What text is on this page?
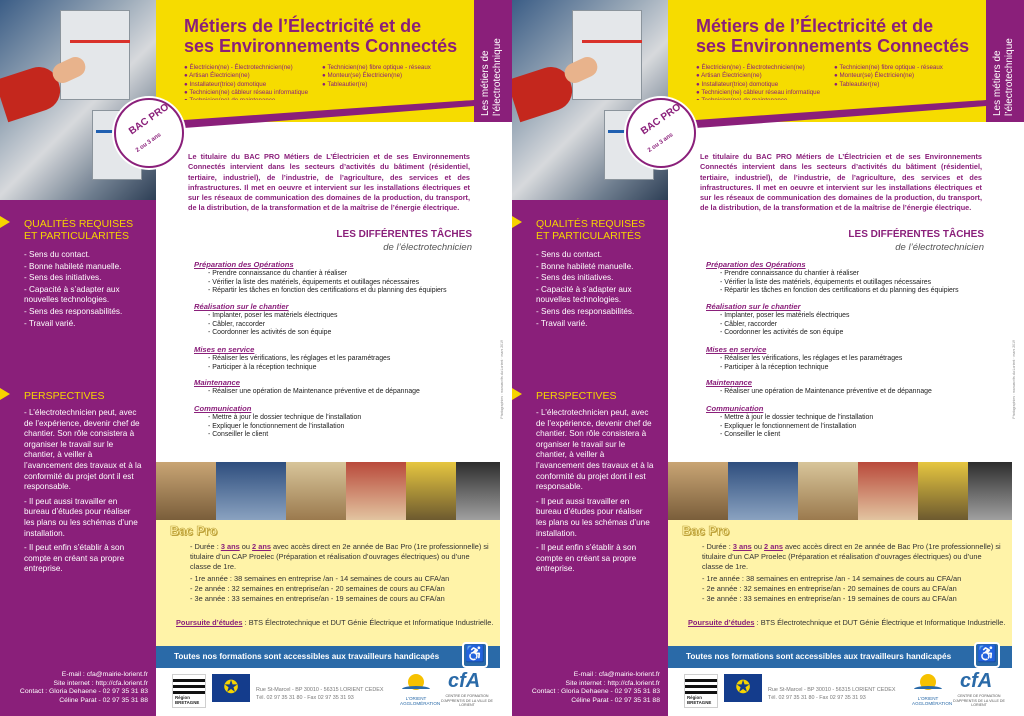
QUALITÉS REQUISES
ET PARTICULARITÉS
- Sens du contact.
- Bonne habileté manuelle.
- Sens des initiatives.
- Capacité à s’adapter aux nouvelles technologies.
- Sens des responsabilités.
- Travail varié.
PERSPECTIVES
- L’électrotechnicien peut, avec de l’expérience, devenir chef de chantier. Son rôle consistera à organiser le travail sur le chantier, à veiller à l’avancement des travaux et à la conformité du projet dont il est responsable.
- Il peut aussi travailler en bureau d’études pour réaliser les plans ou les schémas d’une installation.
- Il peut enfin s’établir à son compte en créant sa propre entreprise.
E-mail : cfa@mairie-lorient.fr
Site internet : http://cfa.lorient.fr
Contact : Gloria Dehaene - 02 97 35 31 83
Céline Parat - 02 97 35 31 88
Métiers de l’Électricité et de
ses Environnements Connectés
● Électricien(ne) - Électrotechnicien(ne)
● Artisan Électricien(ne)
● Installateur(trice) domotique
● Technicien(ne) câbleur réseau informatique
●
● Technicien(ne) fibre optique - réseaux
● Monteur(se) Électricien(ne)
● Tableautier(re)	Les métiers de l’électrotechnique
BAC PRO
2 ou 3 ans

Le titulaire du BAC PRO Métiers de L’Électricien et de ses Environnements Connectés intervient dans les secteurs d’activités du bâtiment (résidentiel, tertiaire, industriel), de l’industrie, de l’agriculture, des services et des infrastructures. Il met en oeuvre et intervient sur les installations électriques et sur les réseaux de communication des domaines de la production, du transport, de la distribution, de la transformation et de la maîtrise de l’énergie électrique.

LES DIFFÉRENTES TÂCHES
de l’électrotechnicien
Préparation des Opérations
- Prendre connaissance du chantier à réaliser
- Vérifier la liste des matériels, équipements et outillages nécessaires
- Répartir les tâches en fonction des certifications et du planning des équipiers
Réalisation sur le chantier
- Implanter, poser les matériels électriques
- Câbler, raccorder
- Coordonner les activités de son équipe
Mises en service
- Réaliser les vérifications, les réglages et les paramétrages
- Participer à la réception technique
Maintenance
- Réaliser une opération de Maintenance préventive et de dépannage
Communication
- Mettre à jour le dossier technique de l’installation
- Expliquer le fonctionnement de l’installation
- Conseiller le client
Photographies : manuscrits du Lorient · mars 2019
Bac Pro
- Durée : 3 ans ou 2 ans avec accès direct en 2e année de Bac Pro (1re professionnelle) si titulaire d’un CAP Proelec (Préparation et réalisation d’ouvrages électriques) ou d’une classe de 1re.
- 1re année : 38 semaines en entreprise /an - 14 semaines de cours au CFA/an
- 2e année : 32 semaines en entreprise/an - 20 semaines de cours au CFA/an
- 3e année : 33 semaines en entreprise/an - 19 semaines de cours au CFA/an
Poursuite d’études : BTS Électrotechnique et DUT Génie Électrique et Informatique Industrielle.
Toutes nos formations sont accessibles aux travailleurs handicapés	♿
Région BRETAGNE
✪	Rue St-Marcel - BP 30010 - 56315 LORIENT CEDEX
Tél. 02 97 35 31 80 - Fax 02 97 35 31 93	L’ORIENT AGGLOMÉRATION
cfA
CENTRE DE FORMATION D’APPRENTIS DE LA VILLE DE LORIENT
QUALITÉS REQUISES
ET PARTICULARITÉS
- Sens du contact.
- Bonne habileté manuelle.
- Sens des initiatives.
- Capacité à s’adapter aux nouvelles technologies.
- Sens des responsabilités.
- Travail varié.
PERSPECTIVES
- L’électrotechnicien peut, avec de l’expérience, devenir chef de chantier. Son rôle consistera à organiser le travail sur le chantier, à veiller à l’avancement des travaux et à la conformité du projet dont il est responsable.
- Il peut aussi travailler en bureau d’études pour réaliser les plans ou les schémas d’une installation.
- Il peut enfin s’établir à son compte en créant sa propre entreprise.
E-mail : cfa@mairie-lorient.fr
Site internet : http://cfa.lorient.fr
Contact : Gloria Dehaene - 02 97 35 31 83
Céline Parat - 02 97 35 31 88
Métiers de l’Électricité et de
ses Environnements Connectés
● Électricien(ne) - Électrotechnicien(ne)
● Artisan Électricien(ne)
● Installateur(trice) domotique
● Technicien(ne) câbleur réseau informatique
●
● Technicien(ne) fibre optique - réseaux
● Monteur(se) Électricien(ne)
● Tableautier(re)	Les métiers de l’électrotechnique
BAC PRO
2 ou 3 ans

Le titulaire du BAC PRO Métiers de L’Électricien et de ses Environnements Connectés intervient dans les secteurs d’activités du bâtiment (résidentiel, tertiaire, industriel), de l’industrie, de l’agriculture, des services et des infrastructures. Il met en oeuvre et intervient sur les installations électriques et sur les réseaux de communication des domaines de la production, du transport, de la distribution, de la transformation et de la maîtrise de l’énergie électrique.

LES DIFFÉRENTES TÂCHES
de l’électrotechnicien
Préparation des Opérations
- Prendre connaissance du chantier à réaliser
- Vérifier la liste des matériels, équipements et outillages nécessaires
- Répartir les tâches en fonction des certifications et du planning des équipiers
Réalisation sur le chantier
- Implanter, poser les matériels électriques
- Câbler, raccorder
- Coordonner les activités de son équipe
Mises en service
- Réaliser les vérifications, les réglages et les paramétrages
- Participer à la réception technique
Maintenance
- Réaliser une opération de Maintenance préventive et de dépannage
Communication
- Mettre à jour le dossier technique de l’installation
- Expliquer le fonctionnement de l’installation
- Conseiller le client
Photographies : manuscrits du Lorient · mars 2019
Bac Pro
- Durée : 3 ans ou 2 ans avec accès direct en 2e année de Bac Pro (1re professionnelle) si titulaire d’un CAP Proelec (Préparation et réalisation d’ouvrages électriques) ou d’une classe de 1re.
- 1re année : 38 semaines en entreprise /an - 14 semaines de cours au CFA/an
- 2e année : 32 semaines en entreprise/an - 20 semaines de cours au CFA/an
- 3e année : 33 semaines en entreprise/an - 19 semaines de cours au CFA/an
Poursuite d’études : BTS Électrotechnique et DUT Génie Électrique et Informatique Industrielle.
Toutes nos formations sont accessibles aux travailleurs handicapés	♿
Région BRETAGNE
✪	Rue St-Marcel - BP 30010 - 56315 LORIENT CEDEX
Tél. 02 97 35 31 80 - Fax 02 97 35 31 93	L’ORIENT AGGLOMÉRATION
cfA
CENTRE DE FORMATION D’APPRENTIS DE LA VILLE DE LORIENT
